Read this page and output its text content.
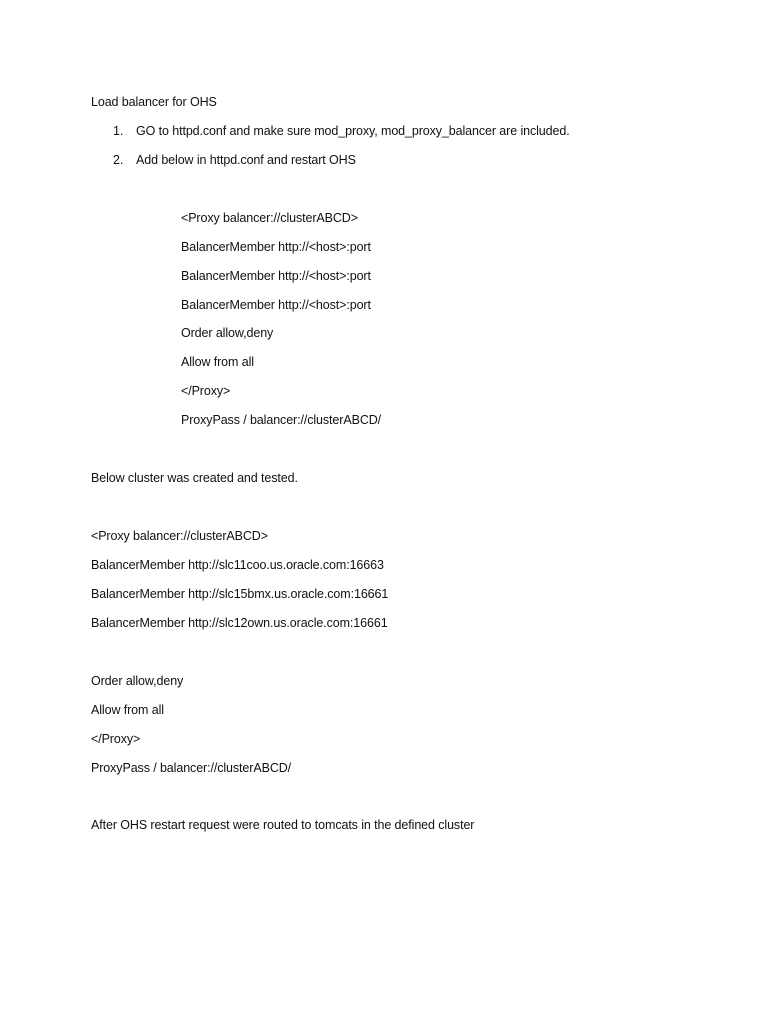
Load balancer for OHS
1. GO to httpd.conf and make sure mod_proxy, mod_proxy_balancer are included.
2. Add below in httpd.conf and restart OHS
<Proxy balancer://clusterABCD>
BalancerMember http://<host>:port
BalancerMember http://<host>:port
BalancerMember http://<host>:port
Order allow,deny
Allow from all
</Proxy>
ProxyPass / balancer://clusterABCD/
Below cluster was created and tested.
<Proxy balancer://clusterABCD>
BalancerMember http://slc11coo.us.oracle.com:16663
BalancerMember http://slc15bmx.us.oracle.com:16661
BalancerMember http://slc12own.us.oracle.com:16661
Order allow,deny
Allow from all
</Proxy>
ProxyPass / balancer://clusterABCD/
After OHS restart request were routed to tomcats in the defined cluster
